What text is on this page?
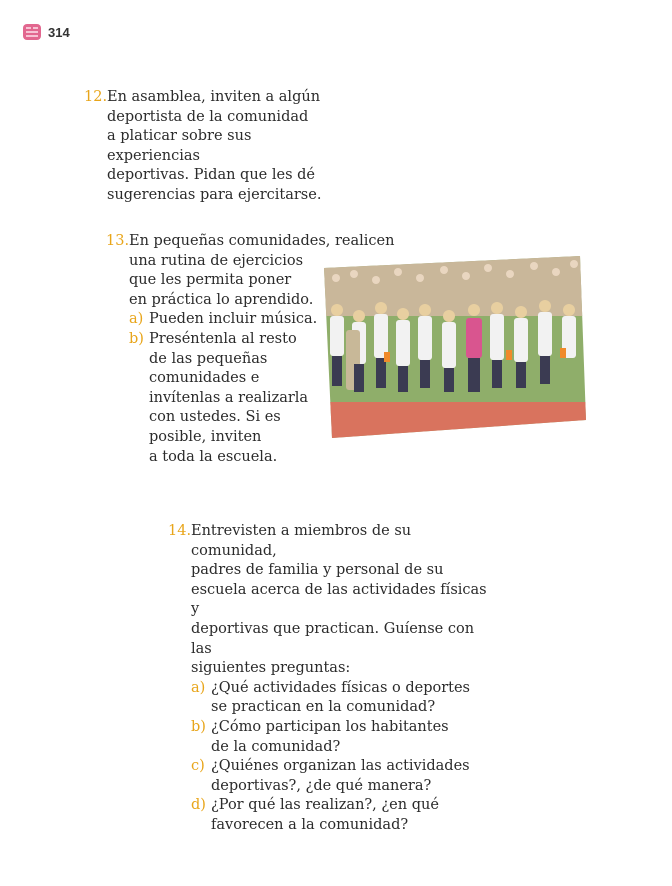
314
12. En asamblea, inviten a algún
deportista de la comunidad
a platicar sobre sus experiencias
deportivas. Pidan que les dé
sugerencias para ejercitarse.
13. En pequeñas comunidades, realicen
una rutina de ejercicios
que les permita poner
en práctica lo aprendido.
a) Pueden incluir música.
b) Preséntenla al resto
de las pequeñas
comunidades e
invítenlas a realizarla
con ustedes. Si es
posible, inviten
a toda la escuela.
14. Entrevisten a miembros de su comunidad,
padres de familia y personal de su
escuela acerca de las actividades físicas y
deportivas que practican. Guíense con las
siguientes preguntas:
a) ¿Qué actividades físicas o deportes
se practican en la comunidad?
b) ¿Cómo participan los habitantes
de la comunidad?
c) ¿Quiénes organizan las actividades
deportivas?, ¿de qué manera?
d) ¿Por qué las realizan?, ¿en qué
favorecen a la comunidad?
